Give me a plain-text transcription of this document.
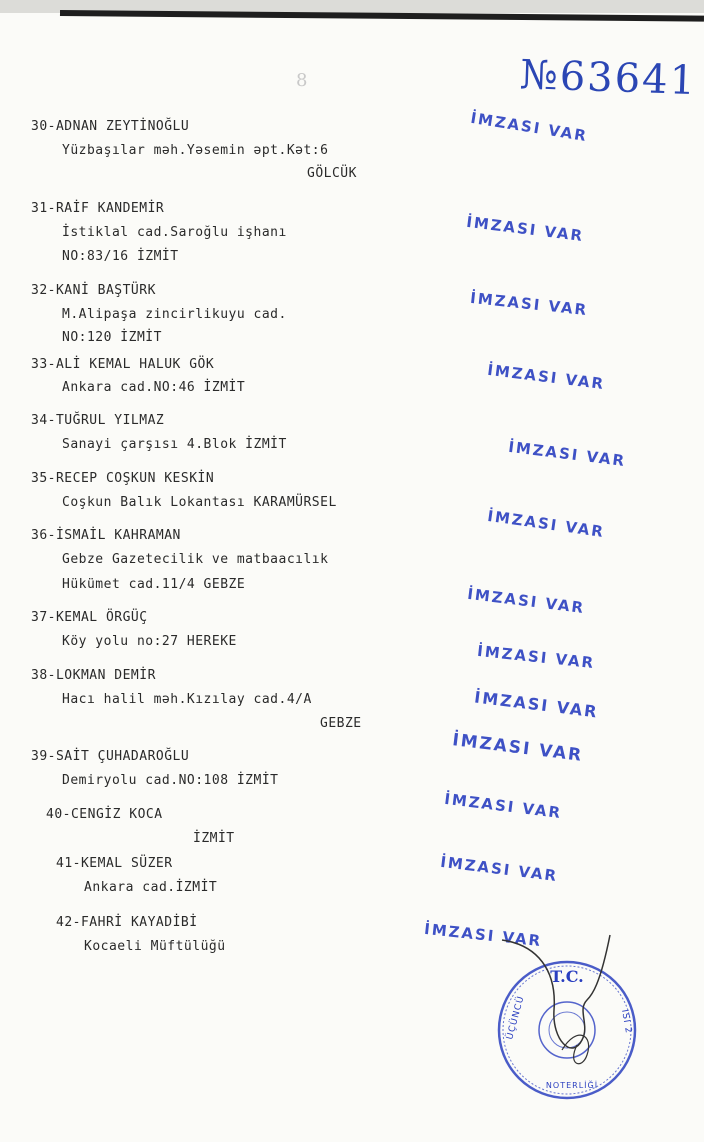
8	№63641
30-ADNAN ZEYTİNOĞLU
Yüzbaşılar məh.Yəsemin əpt.Kət:6
GÖLCÜK
31-RAİF KANDEMİR
İstiklal cad.Saroğlu işhanı
NO:83/16 İZMİT
32-KANİ BAŞTÜRK
M.Alipaşa zincirlikuyu cad.
NO:120 İZMİT
33-ALİ KEMAL HALUK GÖK
Ankara cad.NO:46 İZMİT
34-TUĞRUL YILMAZ
Sanayi çarşısı 4.Blok İZMİT
35-RECEP COŞKUN KESKİN
Coşkun Balık Lokantası KARAMÜRSEL
36-İSMAİL KAHRAMAN
Gebze Gazetecilik ve matbaacılık
Hükümet cad.11/4 GEBZE
37-KEMAL ÖRGÜÇ
Köy yolu no:27 HEREKE
38-LOKMAN DEMİR
Hacı halil məh.Kızılay cad.4/A
GEBZE
39-SAİT ÇUHADAROĞLU
Demiryolu cad.NO:108 İZMİT
40-CENGİZ KOCA
İZMİT
41-KEMAL SÜZER
Ankara cad.İZMİT
42-FAHRİ KAYADİBİ
Kocaeli Müftülüğü
İMZASI VAR
İMZASI VAR
İMZASI VAR
İMZASI VAR
İMZASI VAR
İMZASI VAR
İMZASI VAR
İMZASI VAR
İMZASI VAR
İMZASI VAR
İMZASI VAR
İMZASI VAR
İMZASI VAR
T.C.
ÜÇÜNCÜ	ISI 2
NOTERLİĞİ
